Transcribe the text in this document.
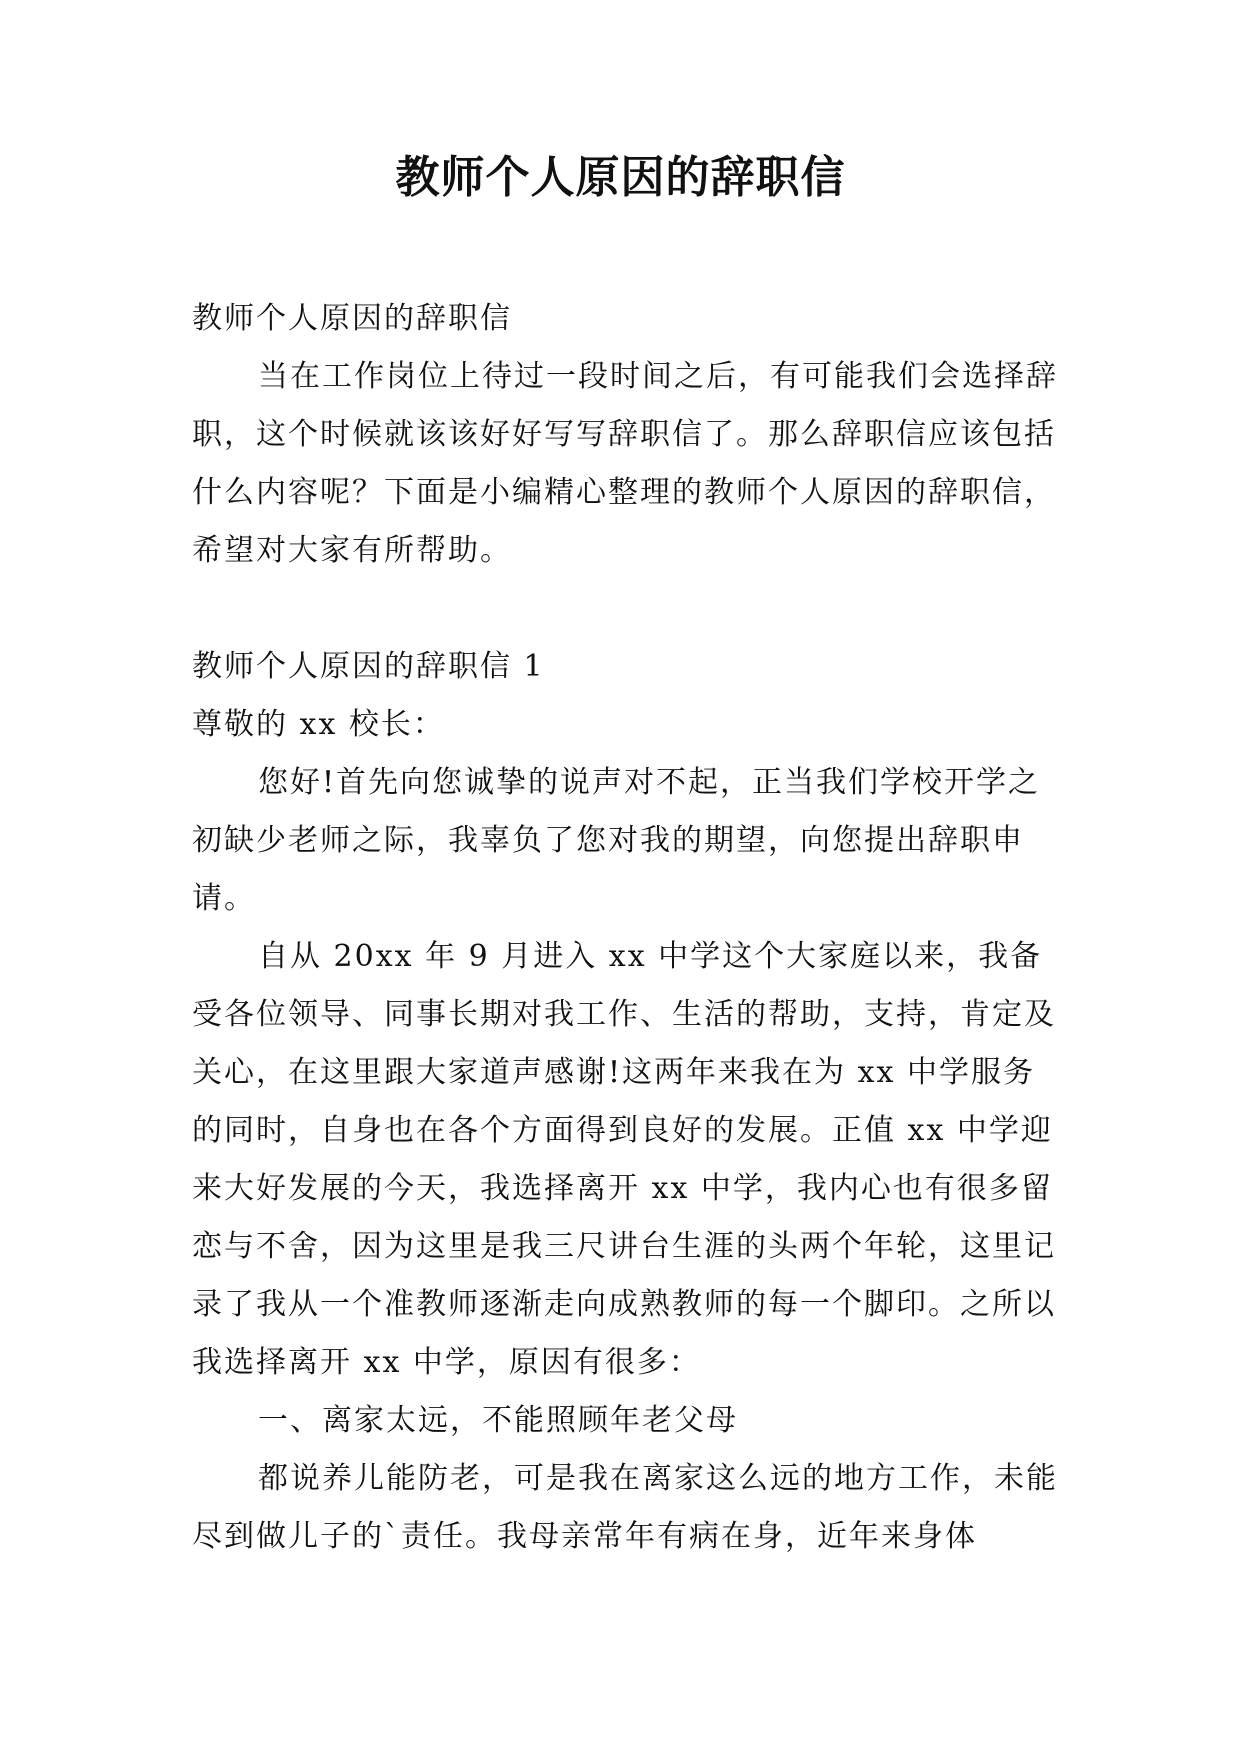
教师个人原因的辞职信

教师个人原因的辞职信

当在工作岗位上待过一段时间之后，有可能我们会选择辞职，这个时候就该该好好写写辞职信了。那么辞职信应该包括什么内容呢？下面是小编精心整理的教师个人原因的辞职信，希望对大家有所帮助。

教师个人原因的辞职信 1

尊敬的 xx 校长：

您好!首先向您诚挚的说声对不起，正当我们学校开学之初缺少老师之际，我辜负了您对我的期望，向您提出辞职申请。

自从 20xx 年 9 月进入 xx 中学这个大家庭以来，我备受各位领导、同事长期对我工作、生活的帮助，支持，肯定及关心，在这里跟大家道声感谢!这两年来我在为 xx 中学服务的同时，自身也在各个方面得到良好的发展。正值 xx 中学迎来大好发展的今天，我选择离开 xx 中学，我内心也有很多留恋与不舍，因为这里是我三尺讲台生涯的头两个年轮，这里记录了我从一个准教师逐渐走向成熟教师的每一个脚印。之所以我选择离开 xx 中学，原因有很多：

一、离家太远，不能照顾年老父母

都说养儿能防老，可是我在离家这么远的地方工作，未能尽到做儿子的`责任。我母亲常年有病在身，近年来身体
